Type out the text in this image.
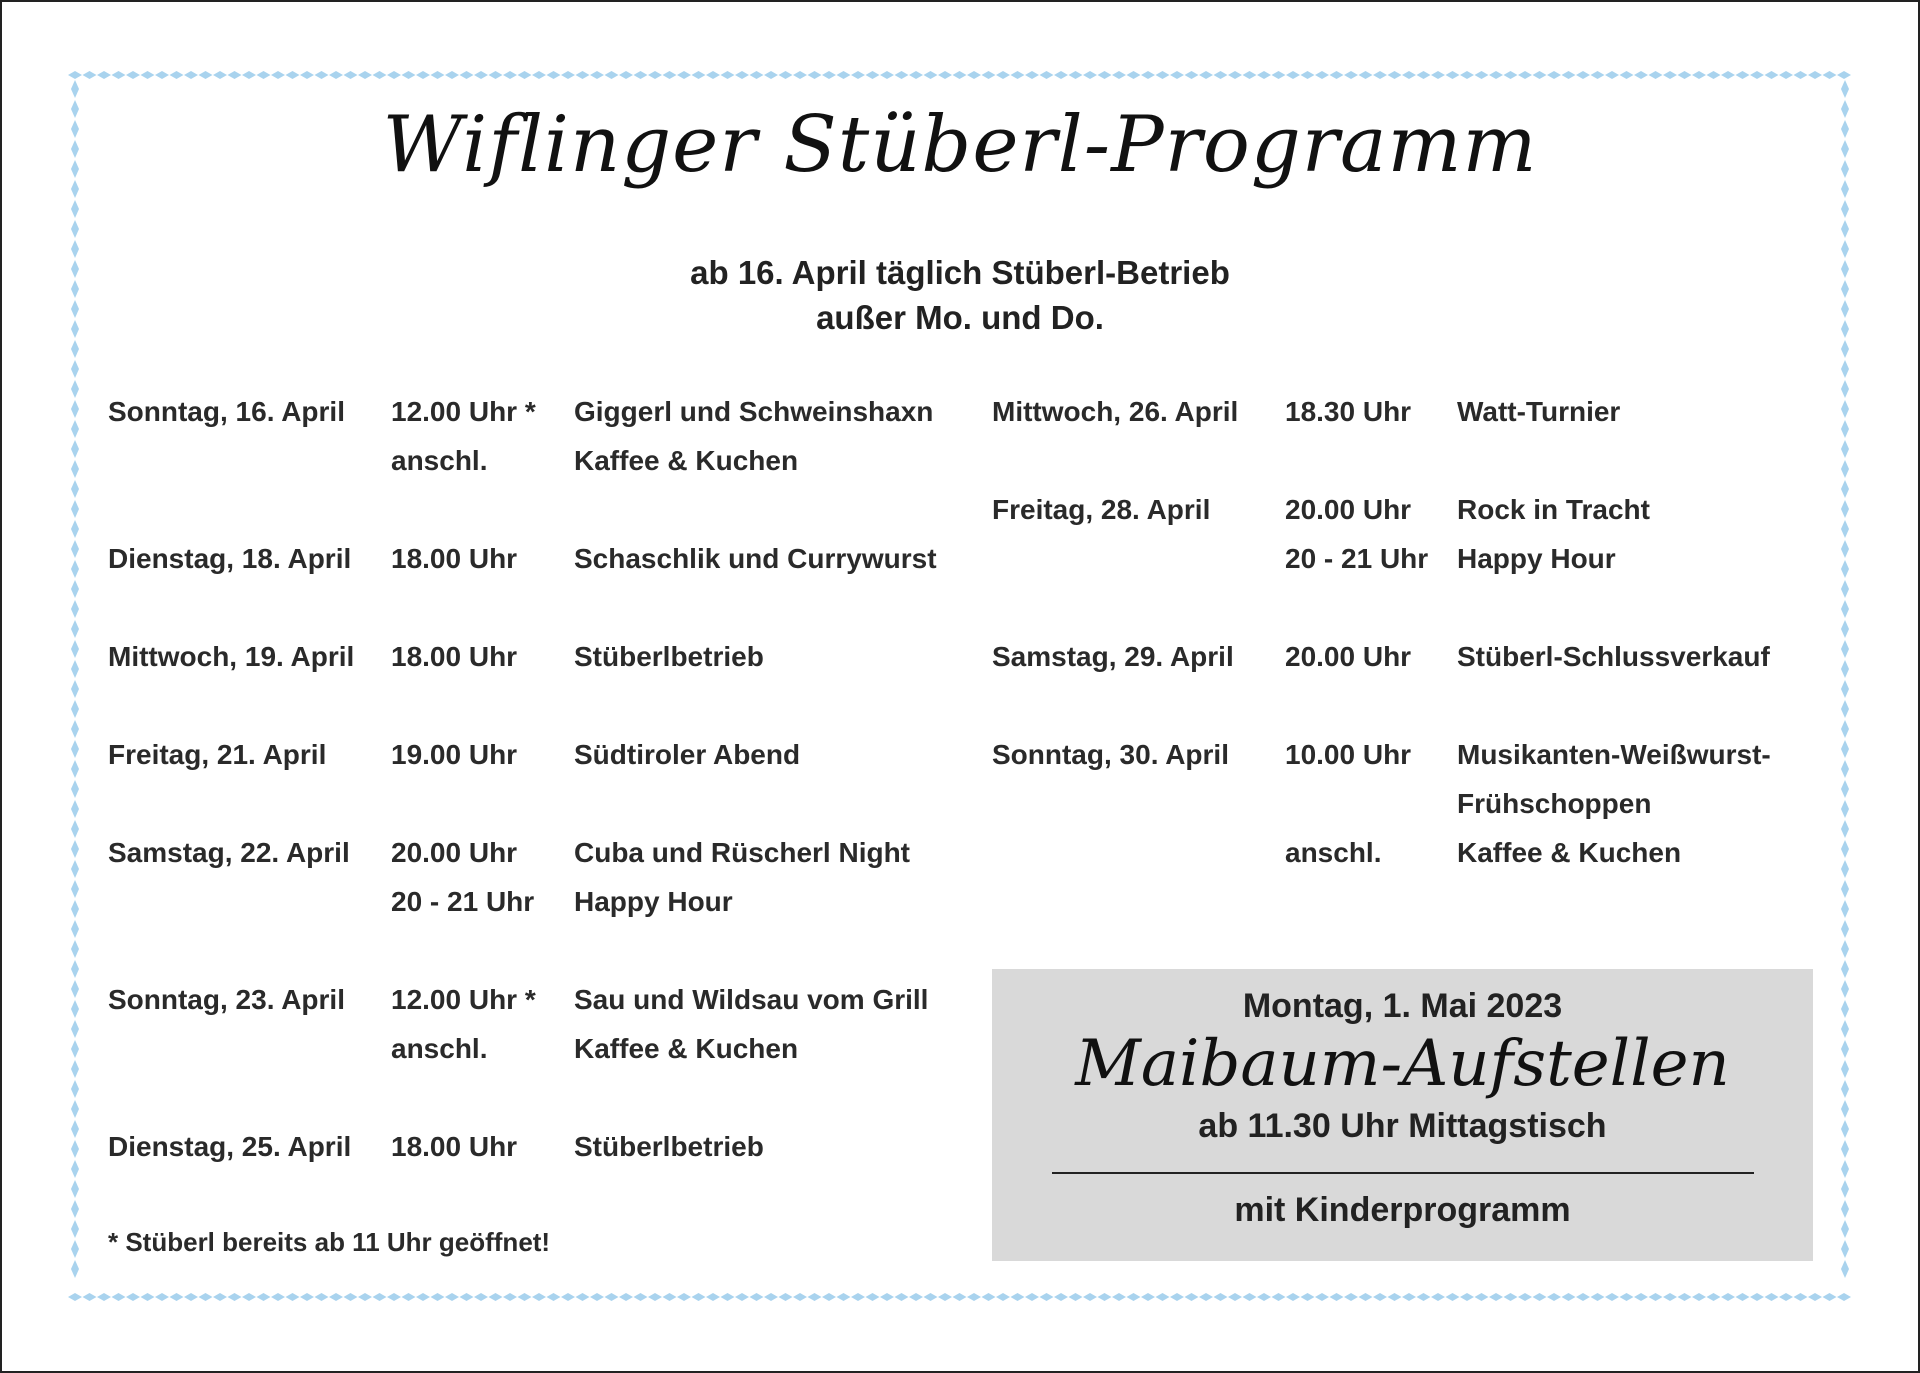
Wiflinger Stüberl-Programm
ab 16. April täglich Stüberl-Betrieb
außer Mo. und Do.
Sonntag, 16. April 12.00 Uhr *
anschl.
Giggerl und Schweinshaxn
Kaffee & Kuchen
Dienstag, 18. April 18.00 Uhr Schaschlik und Currywurst
Mittwoch, 19. April 18.00 Uhr Stüberlbetrieb
Freitag, 21. April 19.00 Uhr Südtiroler Abend
Samstag, 22. April 20.00 Uhr
20 - 21 Uhr
Cuba und Rüscherl Night
Happy Hour
Sonntag, 23. April 12.00 Uhr *
anschl.
Sau und Wildsau vom Grill
Kaffee & Kuchen
Dienstag, 25. April 18.00 Uhr Stüberlbetrieb
Mittwoch, 26. April 18.30 Uhr Watt-Turnier
Freitag, 28. April	20.00 Uhr
20 - 21 Uhr
Rock in Tracht
Happy Hour
Samstag, 29. April 20.00 Uhr Stüberl-Schlussverkauf
Sonntag, 30. April 10.00 Uhr
anschl.
Musikanten-Weißwurst-
Frühschoppen
Kaffee & Kuchen
* Stüberl bereits ab 11 Uhr geöffnet!
Montag, 1. Mai 2023
Maibaum-Aufstellen
ab 11.30 Uhr Mittagstisch
mit Kinderprogramm
